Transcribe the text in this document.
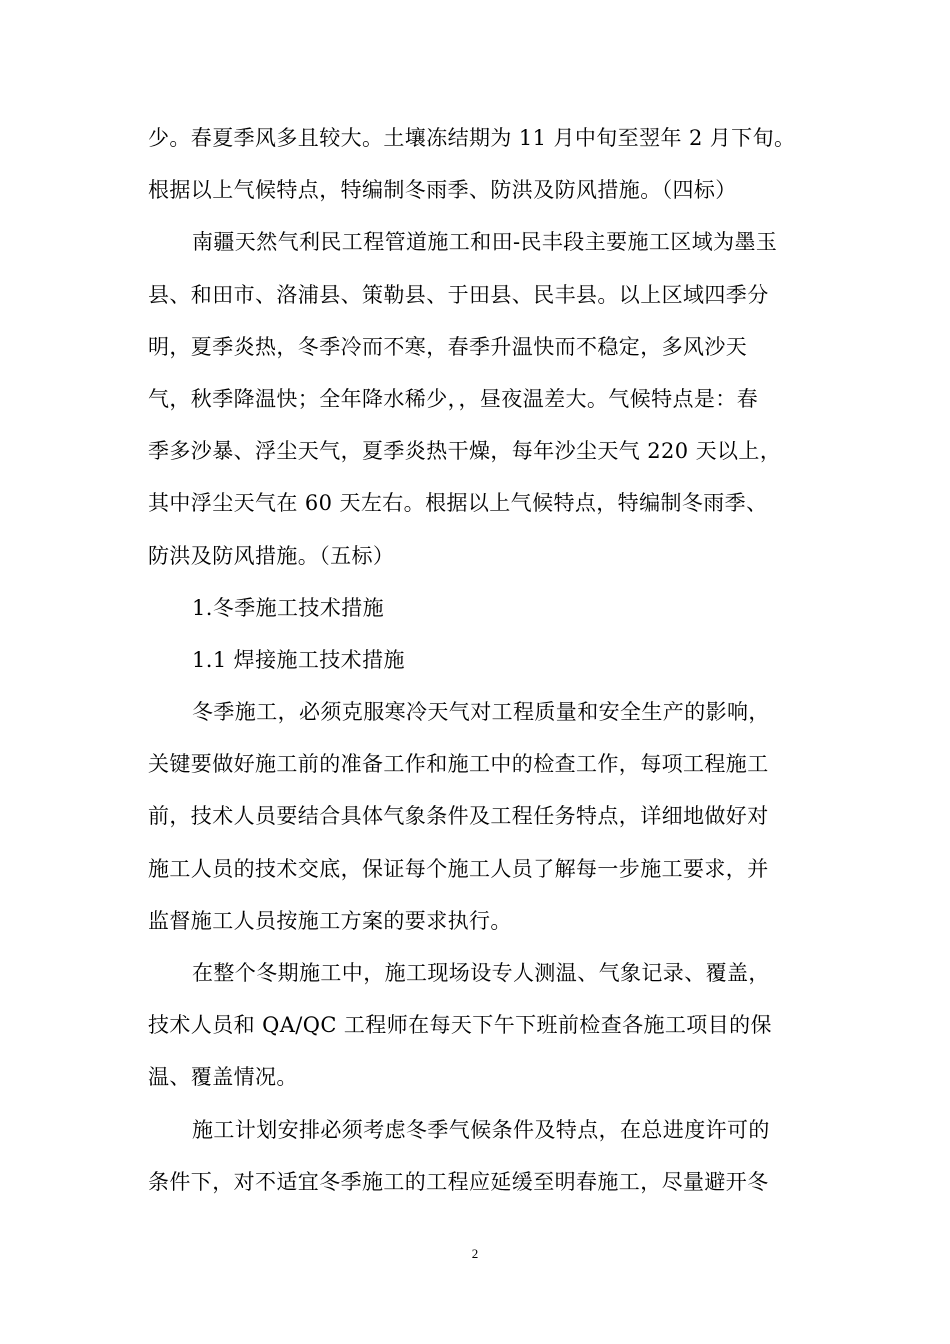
少。春夏季风多且较大。土壤冻结期为 11 月中旬至翌年 2 月下旬。
根据以上气候特点，特编制冬雨季、防洪及防风措施。（四标）
南疆天然气利民工程管道施工和田-民丰段主要施工区域为墨玉
县、和田市、洛浦县、策勒县、于田县、民丰县。以上区域四季分
明，夏季炎热，冬季冷而不寒，春季升温快而不稳定，多风沙天
气，秋季降温快；全年降水稀少，，昼夜温差大。气候特点是：春
季多沙暴、浮尘天气，夏季炎热干燥，每年沙尘天气 220 天以上，
其中浮尘天气在 60 天左右。根据以上气候特点，特编制冬雨季、
防洪及防风措施。（五标）
1.冬季施工技术措施
1.1 焊接施工技术措施
冬季施工，必须克服寒冷天气对工程质量和安全生产的影响，
关键要做好施工前的准备工作和施工中的检查工作，每项工程施工
前，技术人员要结合具体气象条件及工程任务特点，详细地做好对
施工人员的技术交底，保证每个施工人员了解每一步施工要求，并
监督施工人员按施工方案的要求执行。
在整个冬期施工中，施工现场设专人测温、气象记录、覆盖，
技术人员和 QA/QC 工程师在每天下午下班前检查各施工项目的保
温、覆盖情况。
施工计划安排必须考虑冬季气候条件及特点，在总进度许可的
条件下，对不适宜冬季施工的工程应延缓至明春施工，尽量避开冬
2
